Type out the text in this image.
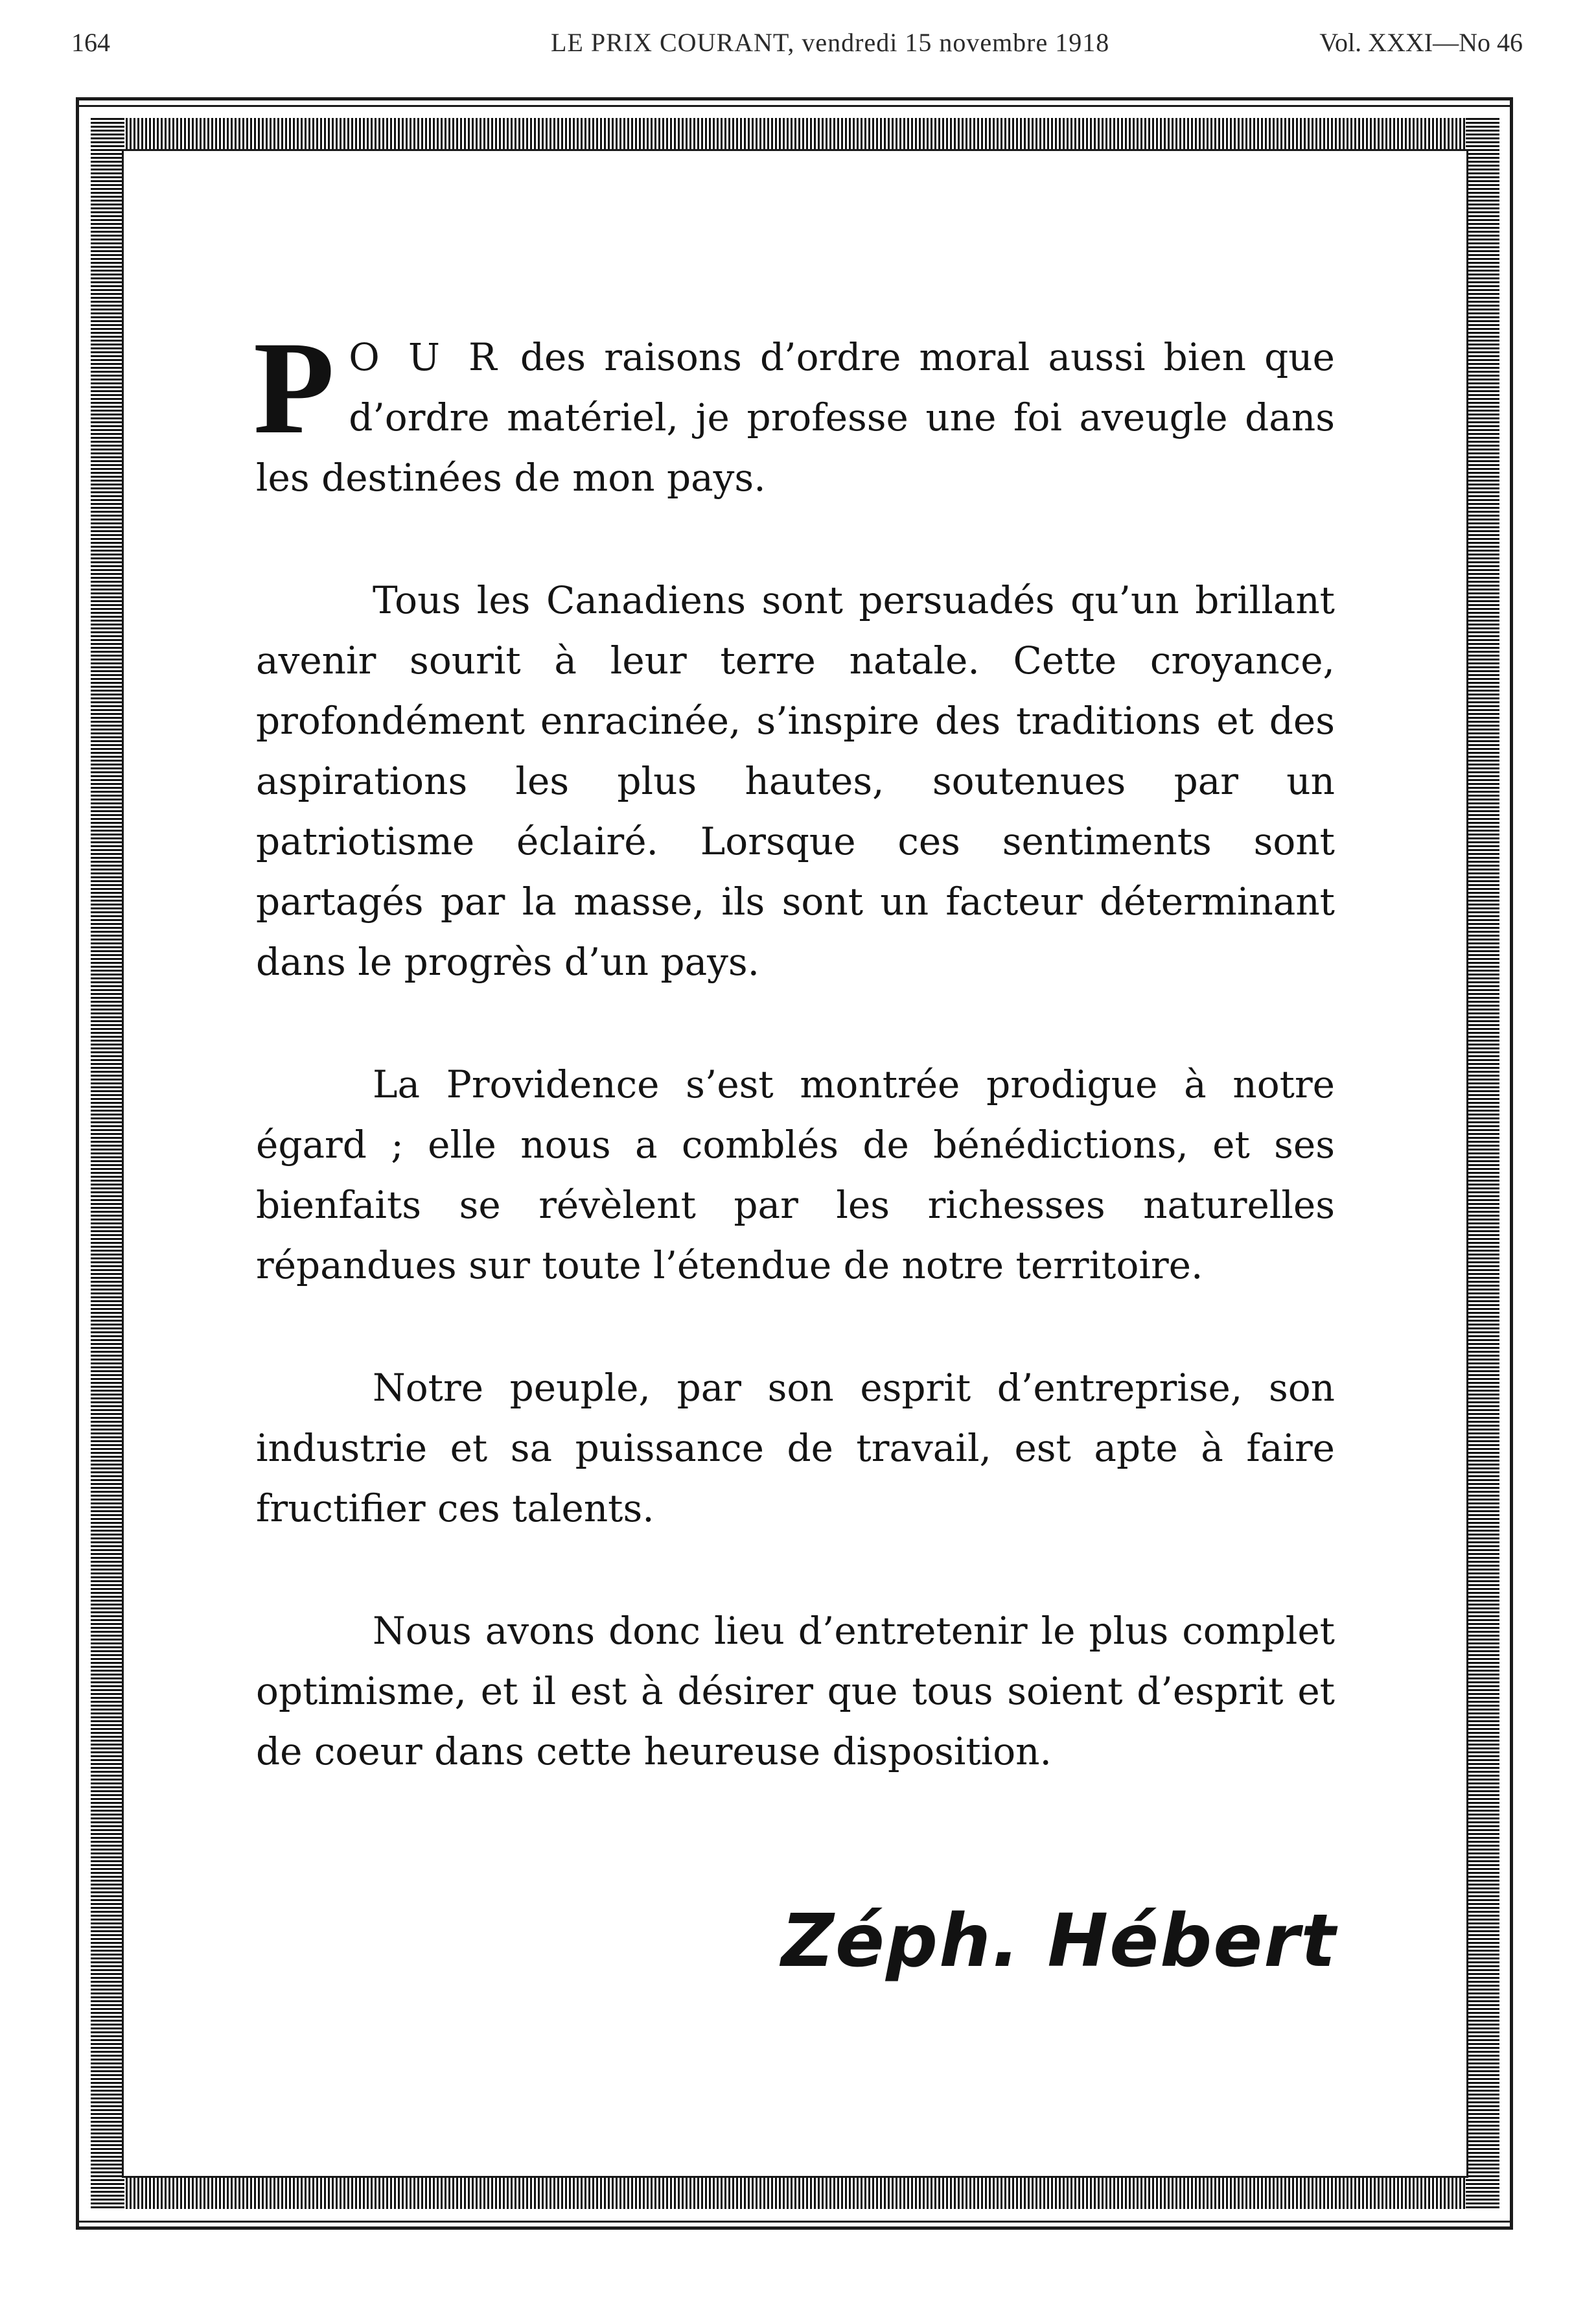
164	LE PRIX COURANT, vendredi 15 novembre 1918	Vol. XXXI—No 46

P O U R des raisons d’ordre moral aussi bien que d’ordre matériel, je professe une foi aveugle dans les destinées de mon pays.

Tous les Canadiens sont persuadés qu’un brillant avenir sourit à leur terre natale. Cette croyance, profondément enracinée, s’inspire des traditions et des aspirations les plus hautes, soutenues par un patriotisme éclairé. Lorsque ces sentiments sont partagés par la masse, ils sont un facteur déterminant dans le progrès d’un pays.

La Providence s’est montrée prodigue à notre égard ; elle nous a comblés de bénédictions, et ses bienfaits se révèlent par les richesses naturelles répandues sur toute l’étendue de notre territoire.

Notre peuple, par son esprit d’entreprise, son industrie et sa puissance de travail, est apte à faire fructifier ces talents.

Nous avons donc lieu d’entretenir le plus complet optimisme, et il est à désirer que tous soient d’esprit et de coeur dans cette heureuse disposition.

Zéph. Hébert
